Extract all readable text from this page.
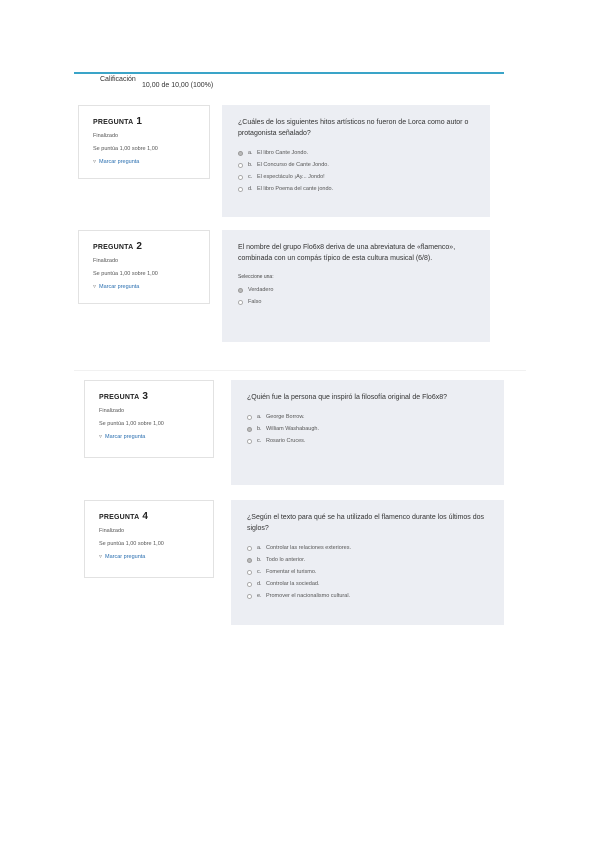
Calificación
10,00 de 10,00 (100%)
PREGUNTA 1
Finalizado
Se puntúa 1,00 sobre 1,00
▿ Marcar pregunta
¿Cuáles de los siguientes hitos artísticos no fueron de Lorca como autor o protagonista señalado?
a. El libro Cante Jondo.
b. El Concurso de Cante Jondo.
c. El espectáculo ¡Ay... Jondo!
d. El libro Poema del cante jondo.
PREGUNTA 2
Finalizado
Se puntúa 1,00 sobre 1,00
▿ Marcar pregunta
El nombre del grupo Flo6x8 deriva de una abreviatura de «flamenco», combinada con un compás típico de esta cultura musical (6/8).
Seleccione una:
Verdadero
Falso
PREGUNTA 3
Finalizado
Se puntúa 1,00 sobre 1,00
▿ Marcar pregunta
¿Quién fue la persona que inspiró la filosofía original de Flo6x8?
a. George Borrow.
b. William Washabaugh.
c. Rosario Cruces.
PREGUNTA 4
Finalizado
Se puntúa 1,00 sobre 1,00
▿ Marcar pregunta
¿Según el texto para qué se ha utilizado el flamenco durante los últimos dos siglos?
a. Controlar las relaciones exteriores.
b. Todo lo anterior.
c. Fomentar el turismo.
d. Controlar la sociedad.
e. Promover el nacionalismo cultural.
